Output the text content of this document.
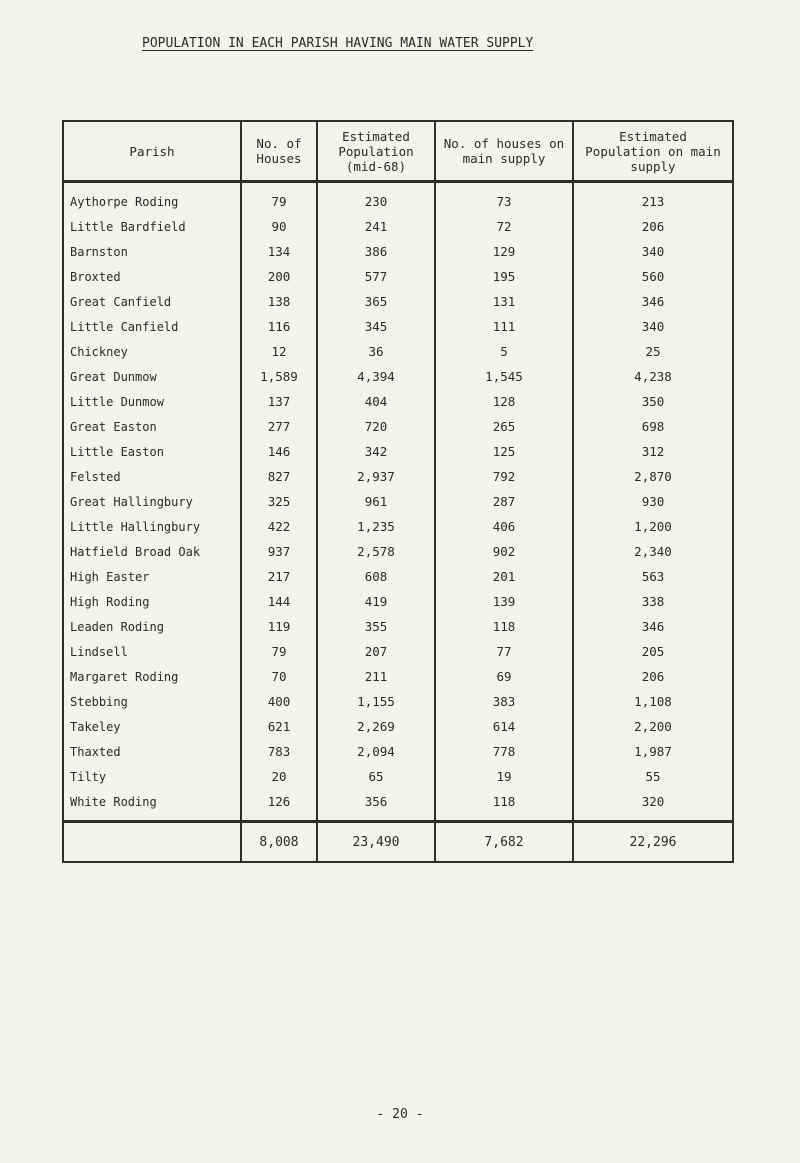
POPULATION IN EACH PARISH HAVING MAIN WATER SUPPLY
Parish	No. of Houses	Estimated Population (mid-68)	No. of houses on main supply	Estimated Population on main supply
Aythorpe Roding	79	230	73	213
Little Bardfield	90	241	72	206
Barnston	134	386	129	340
Broxted	200	577	195	560
Great Canfield	138	365	131	346
Little Canfield	116	345	111	340
Chickney	12	36	5	25
Great Dunmow	1,589	4,394	1,545	4,238
Little Dunmow	137	404	128	350
Great Easton	277	720	265	698
Little Easton	146	342	125	312
Felsted	827	2,937	792	2,870
Great Hallingbury	325	961	287	930
Little Hallingbury	422	1,235	406	1,200
Hatfield Broad Oak	937	2,578	902	2,340
High Easter	217	608	201	563
High Roding	144	419	139	338
Leaden Roding	119	355	118	346
Lindsell	79	207	77	205
Margaret Roding	70	211	69	206
Stebbing	400	1,155	383	1,108
Takeley	621	2,269	614	2,200
Thaxted	783	2,094	778	1,987
Tilty	20	65	19	55
White Roding	126	356	118	320
	8,008	23,490	7,682	22,296
- 20 -
